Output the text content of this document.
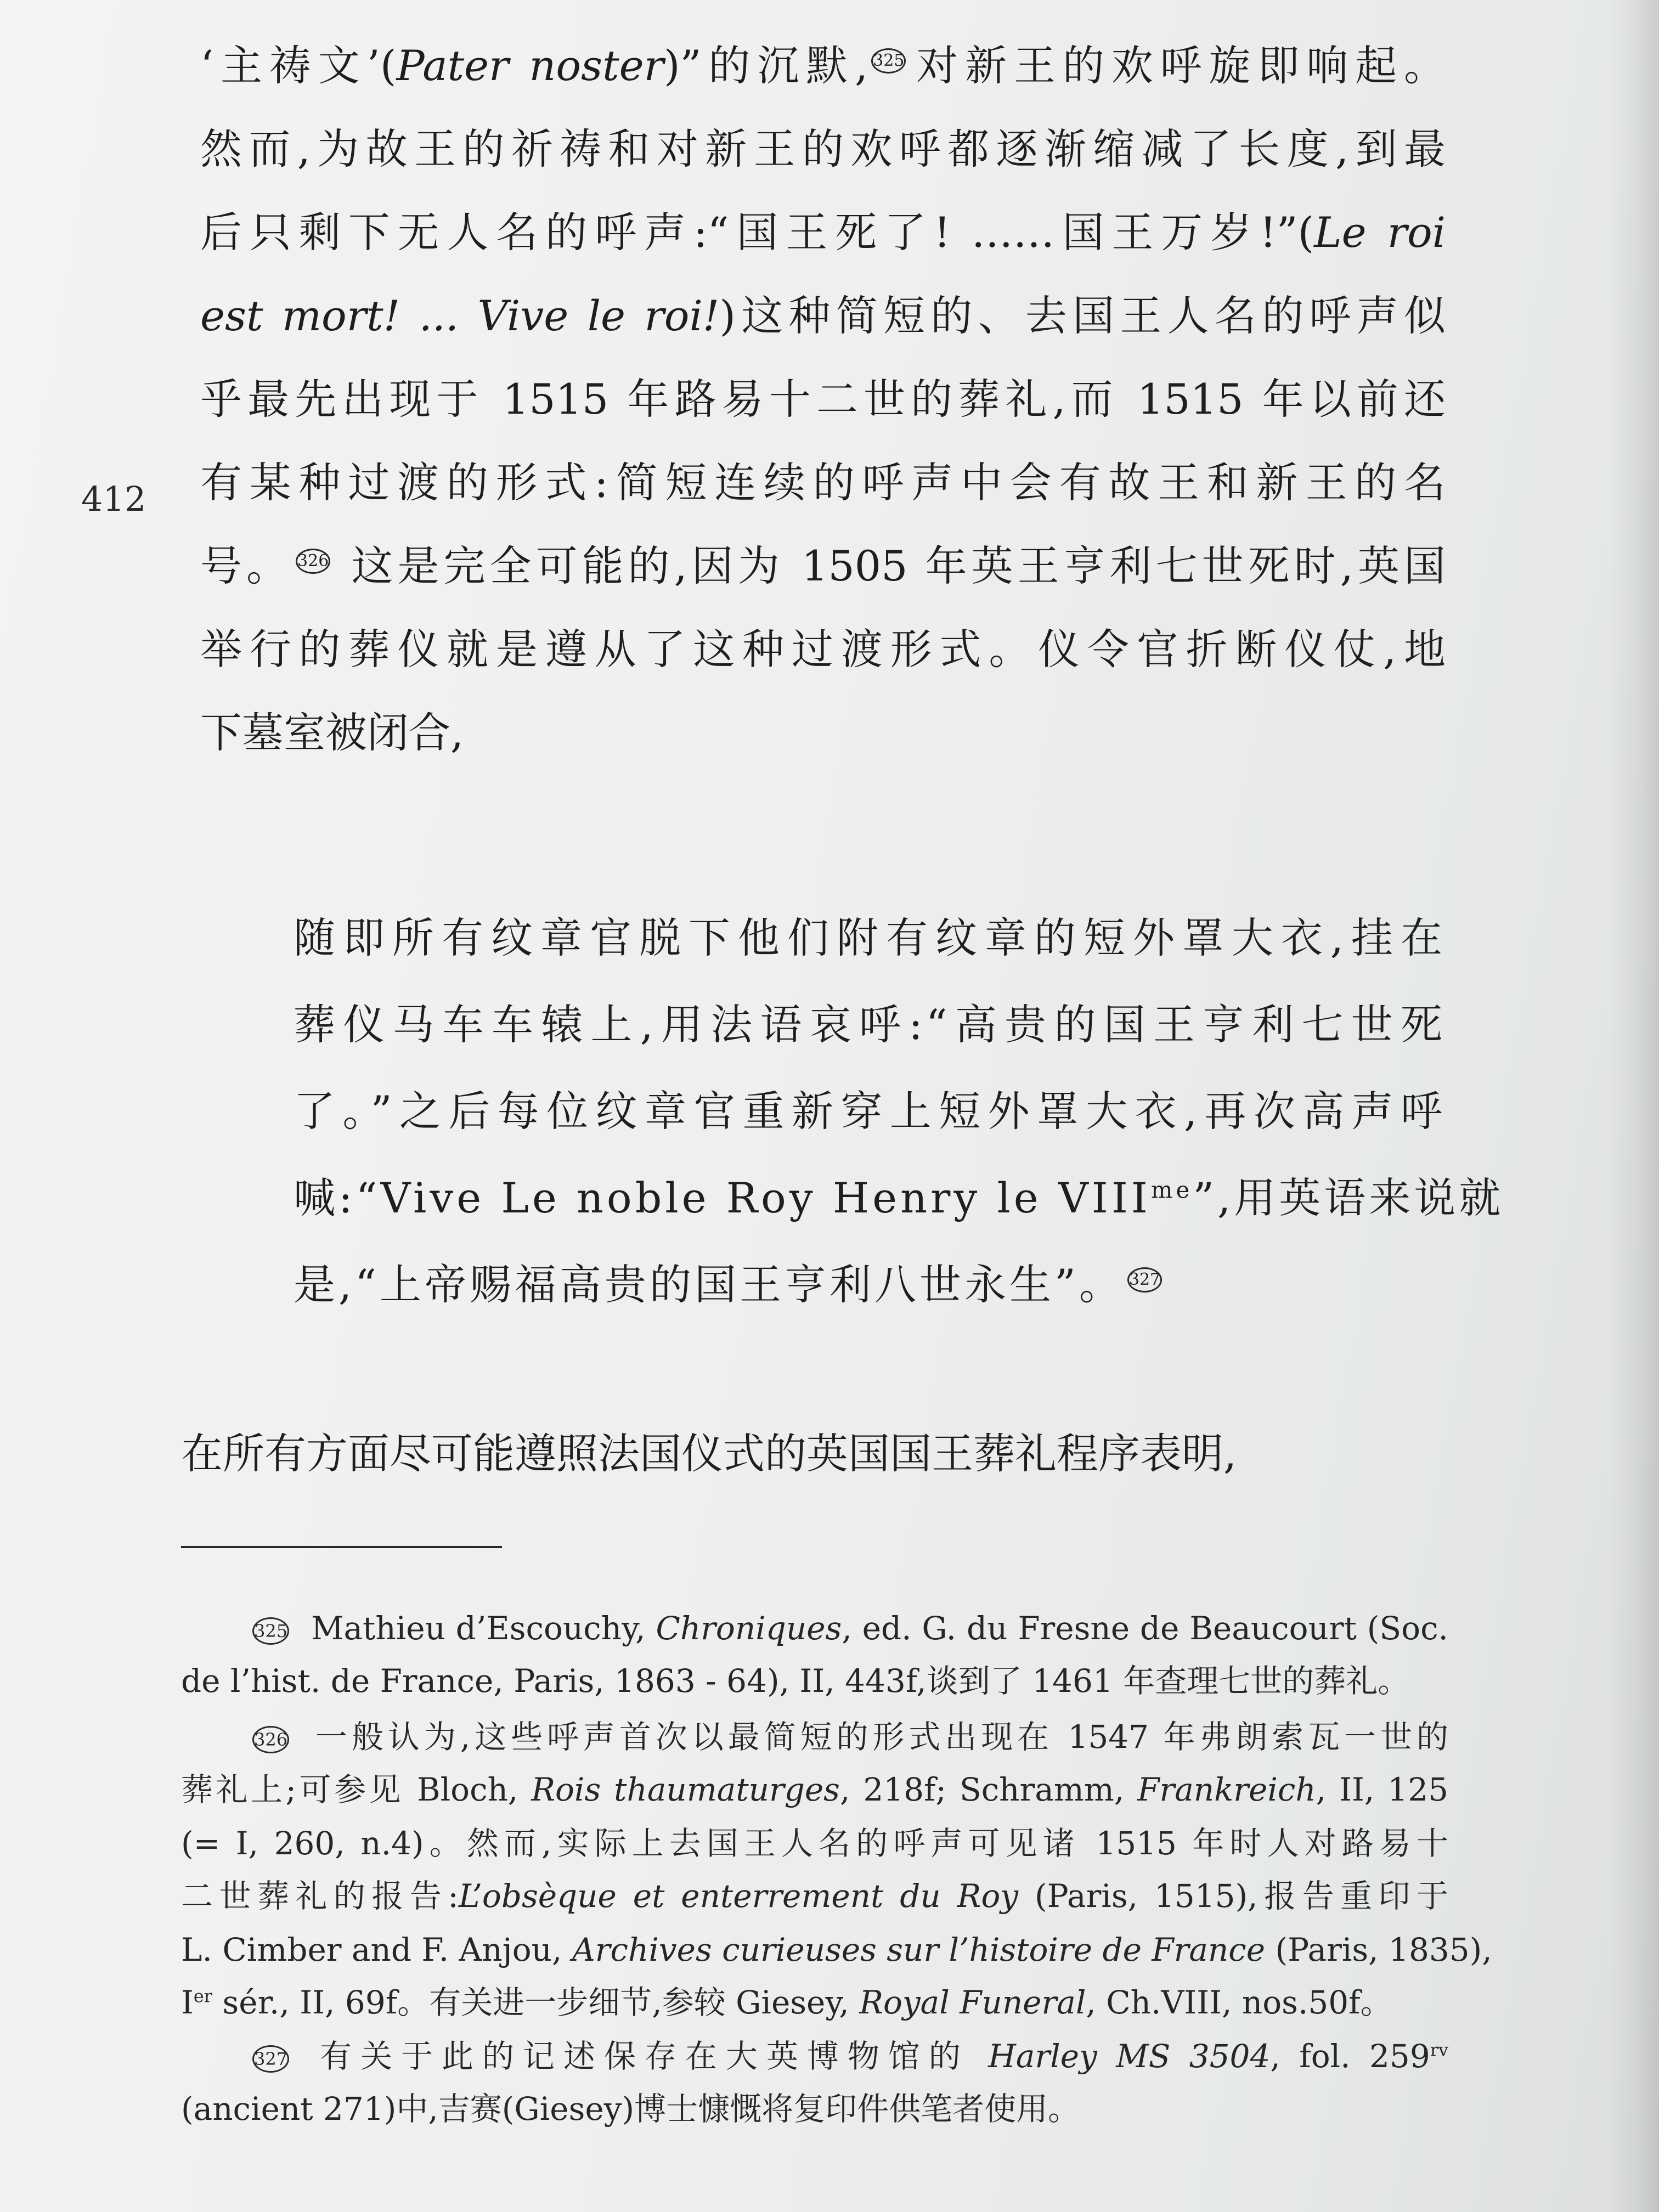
412
‘主祷文’(Pater noster)”的沉默, 325 对新王的欢呼旋即响起。
然而,为故王的祈祷和对新王的欢呼都逐渐缩减了长度,到最
后只剩下无人名的呼声:“国王死了! ……国王万岁!”(Le roi
est mort! ... Vive le roi!)这种简短的、去国王人名的呼声似
乎最先出现于 1515 年路易十二世的葬礼,而 1515 年以前还
有某种过渡的形式:简短连续的呼声中会有故王和新王的名
号。 326 这是完全可能的,因为 1505 年英王亨利七世死时,英国
举行的葬仪就是遵从了这种过渡形式。仪令官折断仪仗,地
下墓室被闭合,
随即所有纹章官脱下他们附有纹章的短外罩大衣,挂在
葬仪马车车辕上,用法语哀呼:“高贵的国王亨利七世死
了。”之后每位纹章官重新穿上短外罩大衣,再次高声呼
喊:“Vive Le noble Roy Henry le $VIII^{me}$”,用英语来说就
是,“上帝赐福高贵的国王亨利八世永生”。 327
在所有方面尽可能遵照法国仪式的英国国王葬礼程序表明,
325 Mathieu d’Escouchy, Chroniques, ed. G. du Fresne de Beaucourt (Soc.
de l’hist. de France, Paris, 1863 - 64), II, 443f,谈到了 1461 年查理七世的葬礼。
326 一般认为,这些呼声首次以最简短的形式出现在 1547 年弗朗索瓦一世的
葬礼上;可参见 Bloch, Rois thaumaturges, 218f; Schramm, Frankreich, II, 125
(= I, 260, n.4)。然而,实际上去国王人名的呼声可见诸 1515 年时人对路易十
二世葬礼的报告:L’obsèque et enterrement du Roy (Paris, 1515),报告重印于
L. Cimber and F. Anjou, Archives curieuses sur l’histoire de France (Paris, 1835),
Ier sér., II, 69f。有关进一步细节,参较 Giesey, Royal Funeral, Ch.VIII, nos.50f。
327 有关于此的记述保存在大英博物馆的 Harley MS 3504, fol. $259^{rv}$
(ancient 271)中,吉赛(Giesey)博士慷慨将复印件供笔者使用。
